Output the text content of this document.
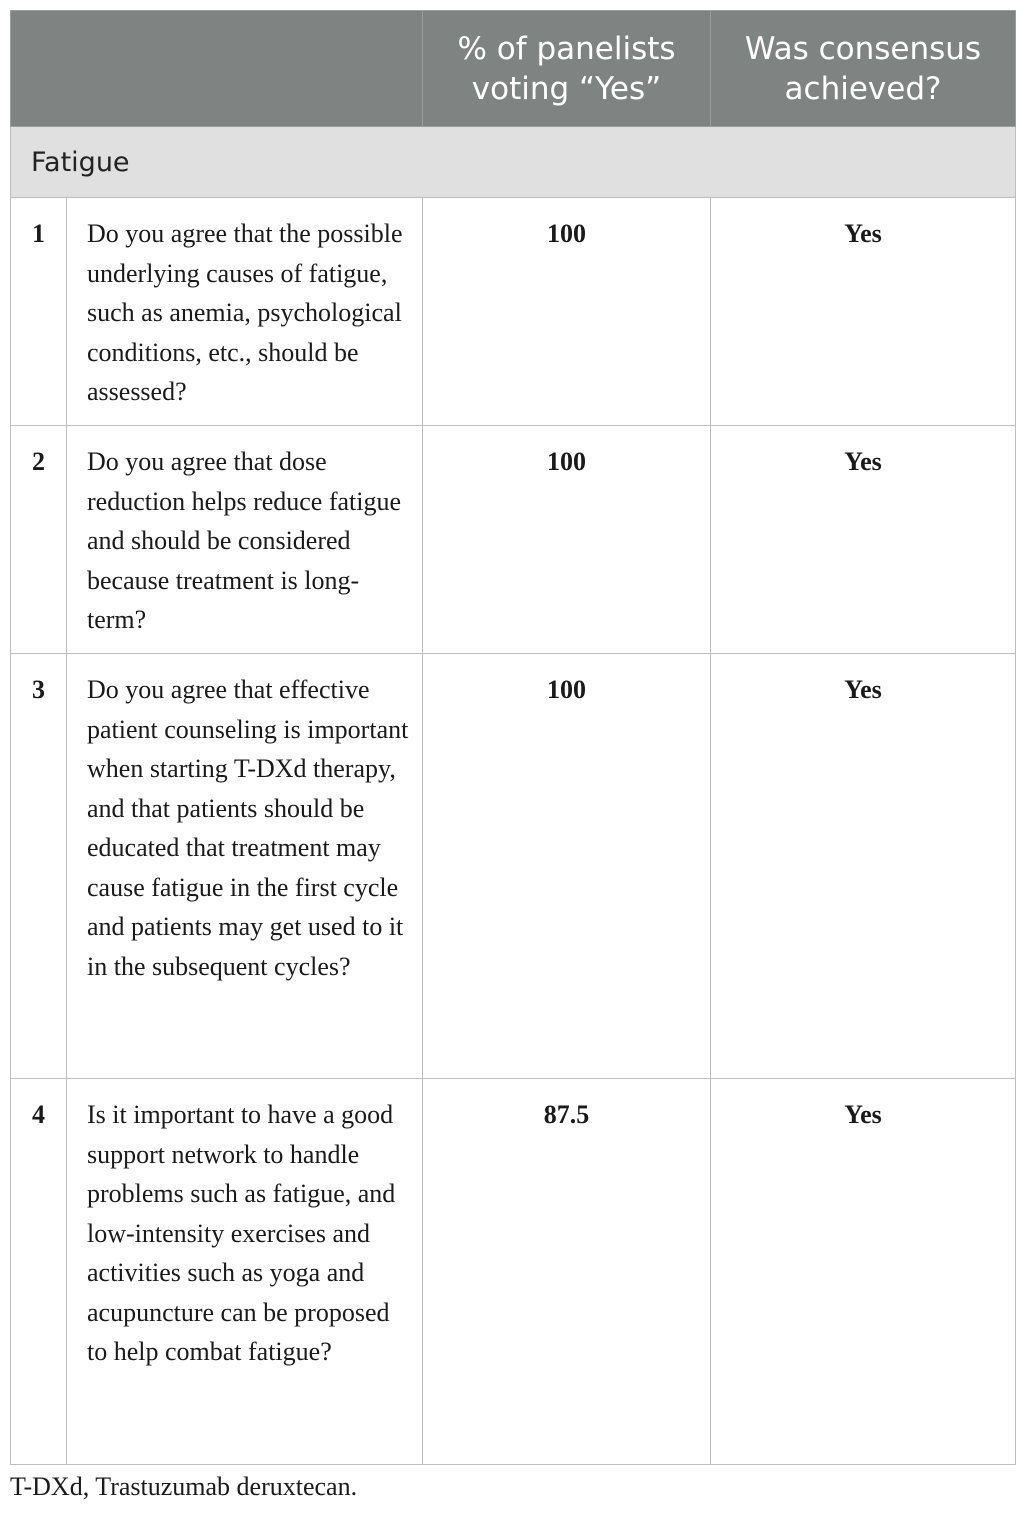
		% of panelists voting “Yes”	Was consensus achieved?
Fatigue			
1	Do you agree that the possible underlying causes of fatigue, such as anemia, psychological conditions, etc., should be assessed?	100	Yes
2	Do you agree that dose reduction helps reduce fatigue and should be considered because treatment is long-term?	100	Yes
3	Do you agree that effective patient counseling is important when starting T-DXd therapy, and that patients should be educated that treatment may cause fatigue in the first cycle and patients may get used to it in the subsequent cycles?	100	Yes
4	Is it important to have a good support network to handle problems such as fatigue, and low-intensity exercises and activities such as yoga and acupuncture can be proposed to help combat fatigue?	87.5	Yes
T-DXd, Trastuzumab deruxtecan.
